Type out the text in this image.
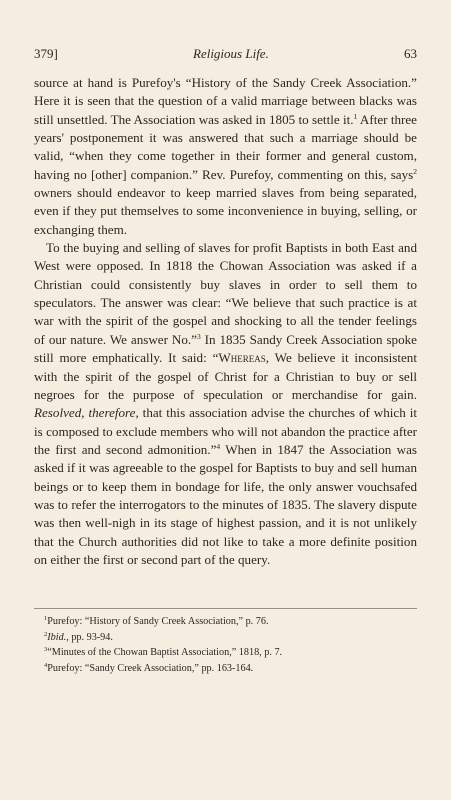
379]	Religious Life.	63

source at hand is Purefoy's “History of the Sandy Creek Association.” Here it is seen that the question of a valid marriage between blacks was still unsettled. The Association was asked in 1805 to settle it.$^1$ After three years' postponement it was answered that such a marriage should be valid, “when they come together in their former and general custom, having no [other] companion.” Rev. Purefoy, commenting on this, says$^2$ owners should endeavor to keep married slaves from being separated, even if they put themselves to some inconvenience in buying, selling, or exchanging them.

To the buying and selling of slaves for profit Baptists in both East and West were opposed. In 1818 the Chowan Association was asked if a Christian could consistently buy slaves in order to sell them to speculators. The answer was clear: “We believe that such practice is at war with the spirit of the gospel and shocking to all the tender feelings of our nature. We answer No.”$^3$ In 1835 Sandy Creek Association spoke still more emphatically. It said: “Whereas, We believe it inconsistent with the spirit of the gospel of Christ for a Christian to buy or sell negroes for the purpose of speculation or merchandise for gain. Resolved, therefore, that this association advise the churches of which it is composed to exclude members who will not abandon the practice after the first and second admonition.”$^4$ When in 1847 the Association was asked if it was agreeable to the gospel for Baptists to buy and sell human beings or to keep them in bondage for life, the only answer vouchsafed was to refer the interrogators to the minutes of 1835. The slavery dispute was then well-nigh in its stage of highest passion, and it is not unlikely that the Church authorities did not like to take a more definite position on either the first or second part of the query.

$^1$Purefoy: “History of Sandy Creek Association,” p. 76.
$^2$Ibid., pp. 93-94.
$^3$“Minutes of the Chowan Baptist Association,” 1818, p. 7.
$^4$Purefoy: “Sandy Creek Association,” pp. 163-164.
